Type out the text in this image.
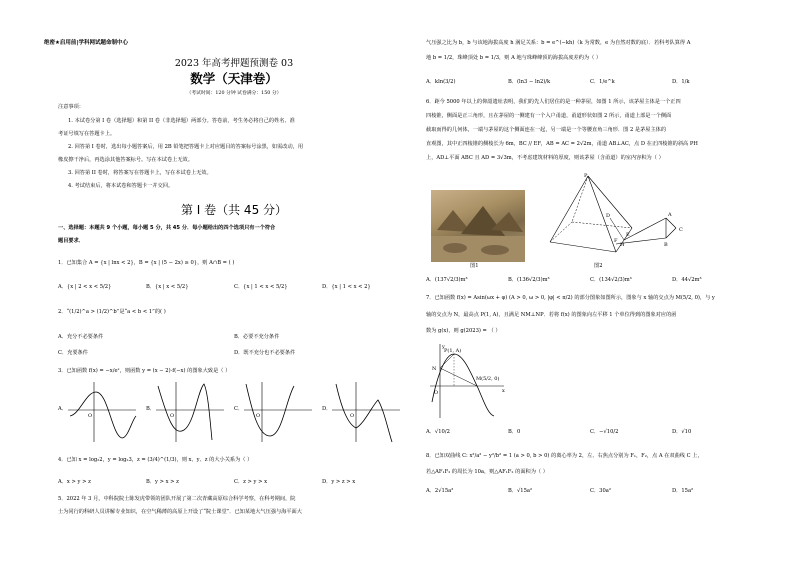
绝密★启用前|学科网试题命制中心
2023 年高考押题预测卷 03
数学（天津卷）
（考试时间：120 分钟 试卷满分：150 分）
注意事项：
1. 本试卷分第 I 卷（选择题）和第 II 卷（非选择题）两部分。答卷前，考生务必将自己的姓名、准
考证号填写在答题卡上。
2. 回答第 I 卷时，选出每小题答案后，用 2B 铅笔把答题卡上对应题目的答案标号涂黑，如需改动，用
橡皮擦干净后，再选涂其他答案标号。写在本试卷上无效。
3. 回答第 II 卷时，将答案写在答题卡上，写在本试卷上无效。
4. 考试结束后，将本试卷和答题卡一并交回。
第 I 卷（共 45 分）
一、选择题：本题共 9 个小题，每小题 5 分，共 45 分．每小题给出的四个选项只有一个符合
题目要求．
1．已知集合 A = {x | lnx < 2}，B = {x | (5 − 2x) ≥ 0}，则 A∩B = ( )
A．{x | 2 < x < 5/2}	B．{x | x < 5/2}	C．{x | 1 < x < 5/2}	D．{x | 1 < x < 2}
2．“(1/2)^a > (1/2)^b”是“a < b < 1”的( )
A．充分不必要条件	B．必要不充分条件
C．充要条件	D．既不充分也不必要条件
3．已知函数 f(x) = −x/eˣ，则函数 y = (x − 2)·f(−x) 的图象大致是（ ）
A．
O
B．
O
C．
O
D．
O
4．已知 x = log₃2，y = log₂3，z = (3/4)^(1/3)，则 x、y、z 的大小关系为（ ）
A．x > y > z	B．y > x > z	C．z > y > x	D．y > z > x
5．2022 年 3 月，中科院院士陈发虎带领的团队开展了第二次青藏高原综合科学考察，在科考期间，院
士为同行的科研人员讲解专业知识，在空气稀薄的高原上开设了“院士课堂”．已知某地大气压强与海平面大
气压强之比为 b，b 与该地海拔高度 h 满足关系：b = e^(−kh)（k 为常数，e 为自然对数的底）．若科考队算得 A
地 b = 1/2，珠峰顶处 b = 1/3，则 A 地与珠峰峰顶的海拔高度差约为（ ）
A．kln(3/2)	B．(ln3 − ln2)/k	C．1/e^k	D．1/k
6．距今 5000 年以上的仰韶遗址表明，我们的先人们居住的是一种茅屋，如图 1 所示，该茅屋主体是一个正四
四棱锥，侧面是正三角形，且在茅屋的一侧建有一个入户甬道，甬道形状如图 2 所示，甬道上部是一个侧面
截取而得的几何体，一端与茅屋的这个侧面连在一起，另一端是一个等腰直角三角形．图 2 是茅屋主体的
直观图，其中正四棱锥的侧棱长为 6m，BC // EF，AB = AC = 2√2m，甬道 AB⊥AC，点 D 在正四棱锥的斜高 PH
上，AD⊥平面 ABC 且 AD = 3√3m，不考虑建筑材料的厚度，则该茅屋（含甬道）的室内容积为（ ）
图1
P
A
C
B
D
E
F
H
图2
A．(137√2/3)m³	B．(136√2/3)m³	C．(134√2/3)m³	D．44√2m³
7．已知函数 f(x) = Asin(ωx + φ) (A > 0, ω > 0, |φ| < π/2) 的部分图象如图所示，图象与 x 轴的交点为 M(5/2, 0)，与 y
轴的交点为 N，最高点 P(1, A)，且满足 NM⊥NP．若将 f(x) 的图象向左平移 1 个单位得到的图象对应的函
数为 g(x)，则 g(2023) = （ ）
P(1, A)
N
M(5/2, 0)
O	x
y
A．√10/2	B．0	C．−√10/2	D．√10
8．已知双曲线 C: x²/a² − y²/b² = 1 (a > 0, b > 0) 的离心率为 2，左、右焦点分别为 F₁，F₂，点 A 在双曲线 C 上，
若△AF₁F₂ 的周长为 10a，则△AF₁F₂ 的面积为（ ）
A．2√15a²	B．√15a²	C．30a²	D．15a²
